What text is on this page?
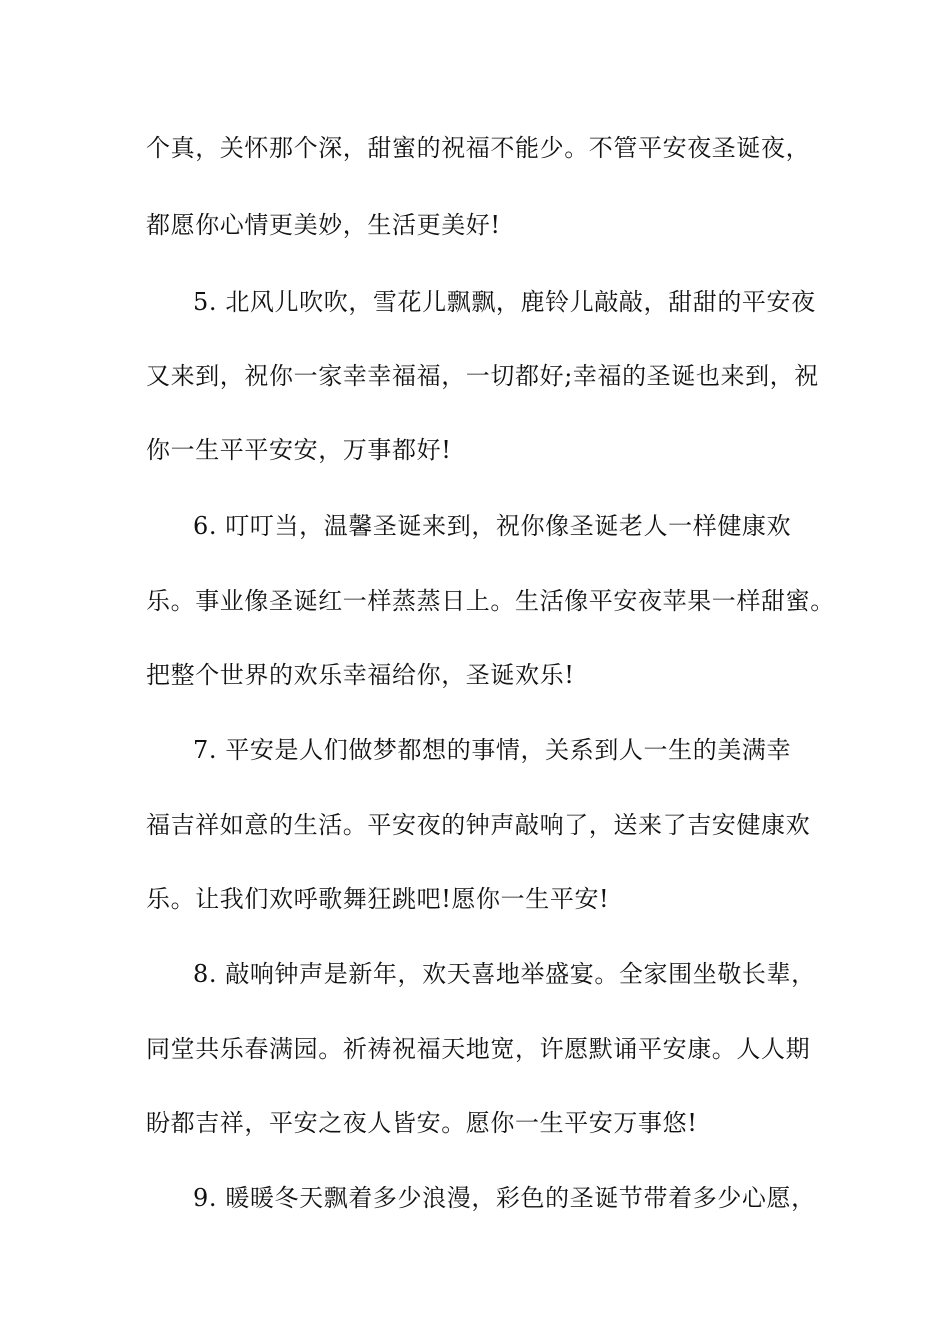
个真，关怀那个深，甜蜜的祝福不能少。不管平安夜圣诞夜，
都愿你心情更美妙，生活更美好!
5. 北风儿吹吹，雪花儿飘飘，鹿铃儿敲敲，甜甜的平安夜
又来到，祝你一家幸幸福福，一切都好;幸福的圣诞也来到，祝
你一生平平安安，万事都好!
6. 叮叮当，温馨圣诞来到，祝你像圣诞老人一样健康欢
乐。事业像圣诞红一样蒸蒸日上。生活像平安夜苹果一样甜蜜。
把整个世界的欢乐幸福给你，圣诞欢乐!
7. 平安是人们做梦都想的事情，关系到人一生的美满幸
福吉祥如意的生活。平安夜的钟声敲响了，送来了吉安健康欢
乐。让我们欢呼歌舞狂跳吧!愿你一生平安!
8. 敲响钟声是新年，欢天喜地举盛宴。全家围坐敬长辈，
同堂共乐春满园。祈祷祝福天地宽，许愿默诵平安康。人人期
盼都吉祥，平安之夜人皆安。愿你一生平安万事悠!
9. 暖暖冬天飘着多少浪漫，彩色的圣诞节带着多少心愿，
